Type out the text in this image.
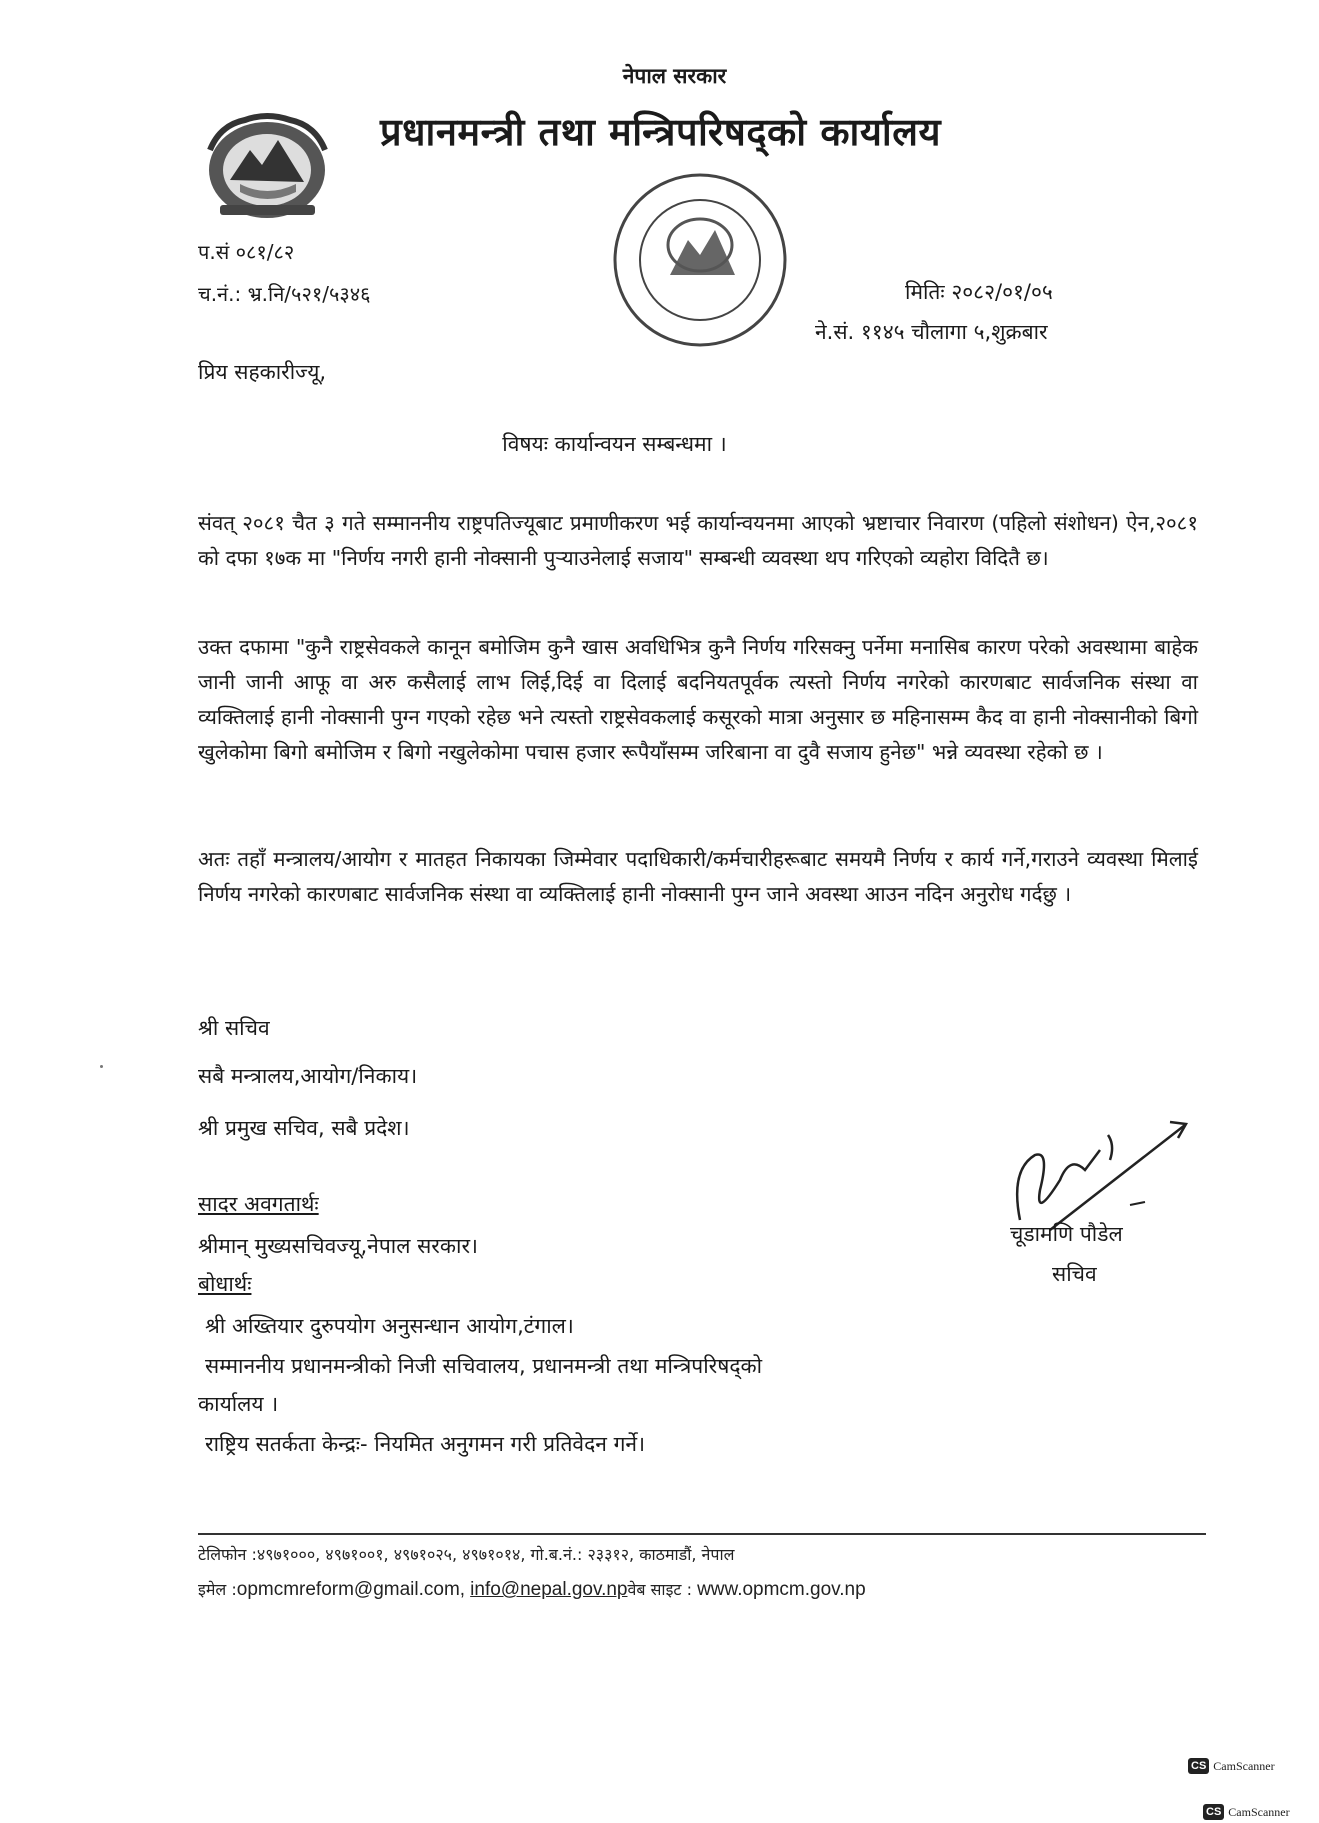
नेपाल सरकार
प्रधानमन्त्री तथा मन्त्रिपरिषद्को कार्यालय
प.सं ०८१/८२
च.नं.: भ्र.नि/५२१/५३४६	मितिः २०८२/०१/०५
ने.सं. ११४५ चौलागा ५,शुक्रबार
प्रिय सहकारीज्यू,
विषयः कार्यान्वयन सम्बन्धमा ।
संवत् २०८१ चैत ३ गते सम्माननीय राष्ट्रपतिज्यूबाट प्रमाणीकरण भई कार्यान्वयनमा आएको भ्रष्टाचार निवारण (पहिलो संशोधन) ऐन,२०८१ को दफा १७क मा "निर्णय नगरी हानी नोक्सानी पुऱ्याउनेलाई सजाय" सम्बन्धी व्यवस्था थप गरिएको व्यहोरा विदितै छ।
उक्त दफामा "कुनै राष्ट्रसेवकले कानून बमोजिम कुनै खास अवधिभित्र कुनै निर्णय गरिसक्नु पर्नेमा मनासिब कारण परेको अवस्थामा बाहेक जानी जानी आफू वा अरु कसैलाई लाभ लिई,दिई वा दिलाई बदनियतपूर्वक त्यस्तो निर्णय नगरेको कारणबाट सार्वजनिक संस्था वा व्यक्तिलाई हानी नोक्सानी पुग्न गएको रहेछ भने त्यस्तो राष्ट्रसेवकलाई कसूरको मात्रा अनुसार छ महिनासम्म कैद वा हानी नोक्सानीको बिगो खुलेकोमा बिगो बमोजिम र बिगो नखुलेकोमा पचास हजार रूपैयाँसम्म जरिबाना वा दुवै सजाय हुनेछ" भन्ने व्यवस्था रहेको छ ।
अतः तहाँ मन्त्रालय/आयोग र मातहत निकायका जिम्मेवार पदाधिकारी/कर्मचारीहरूबाट समयमै निर्णय र कार्य गर्ने,गराउने व्यवस्था मिलाई निर्णय नगरेको कारणबाट सार्वजनिक संस्था वा व्यक्तिलाई हानी नोक्सानी पुग्न जाने अवस्था आउन नदिन अनुरोध गर्दछु ।
श्री सचिव
सबै मन्त्रालय,आयोग/निकाय।
श्री प्रमुख सचिव, सबै प्रदेश।
चूडामणि पौडेल
सचिव
सादर अवगतार्थः
श्रीमान् मुख्यसचिवज्यू,नेपाल सरकार।
बोधार्थः
श्री अख्तियार दुरुपयोग अनुसन्धान आयोग,टंगाल।
सम्माननीय प्रधानमन्त्रीको निजी सचिवालय, प्रधानमन्त्री तथा मन्त्रिपरिषद्को
कार्यालय ।
राष्ट्रिय सतर्कता केन्द्रः- नियमित अनुगमन गरी प्रतिवेदन गर्ने।
टेलिफोन :४९७१०००, ४९७१००१, ४९७१०२५, ४९७१०१४, गो.ब.नं.: २३३१२, काठमाडौं, नेपाल
इमेल :opmcmreform@gmail.com, info@nepal.gov.npवेब साइट : www.opmcm.gov.np
CS CamScanner
CS CamScanner
